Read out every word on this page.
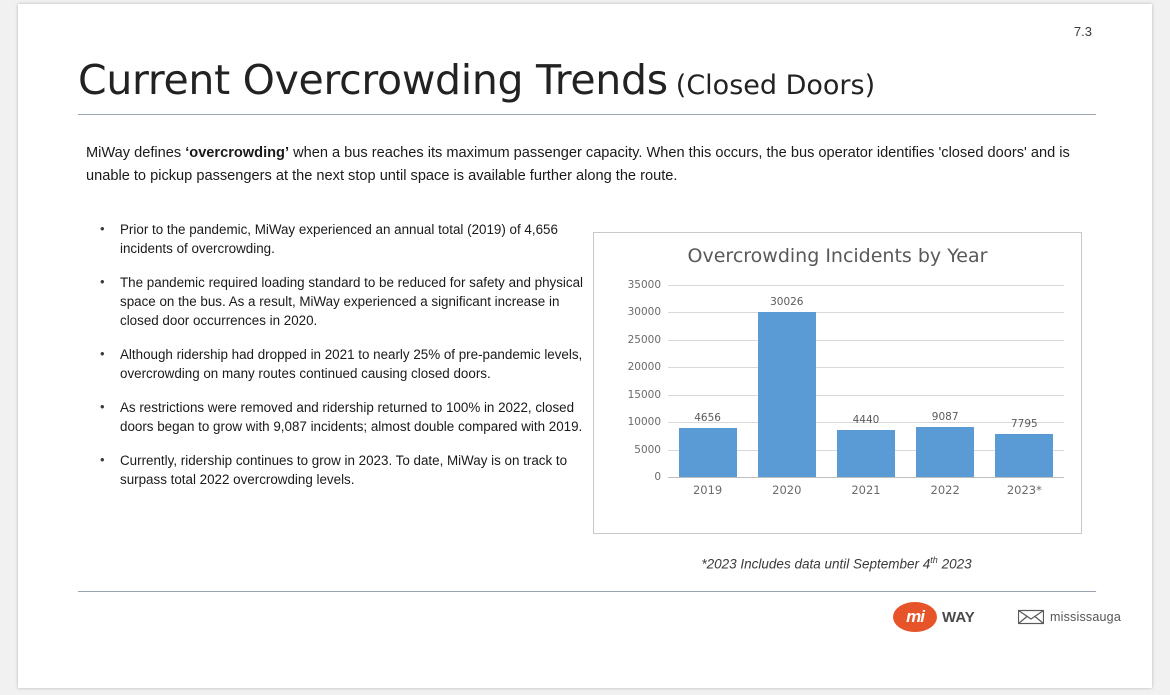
7.3
Current Overcrowding Trends (Closed Doors)
MiWay defines ‘overcrowding’ when a bus reaches its maximum passenger capacity. When this occurs, the bus operator identifies 'closed doors' and is unable to pickup passengers at the next stop until space is available further along the route.
• Prior to the pandemic, MiWay experienced an annual total (2019) of 4,656 incidents of overcrowding.
• The pandemic required loading standard to be reduced for safety and physical space on the bus. As a result, MiWay experienced a significant increase in closed door occurrences in 2020.
• Although ridership had dropped in 2021 to nearly 25% of pre-pandemic levels, overcrowding on many routes continued causing closed doors.
• As restrictions were removed and ridership returned to 100% in 2022, closed doors began to grow with 9,087 incidents; almost double compared with 2019.
• Currently, ridership continues to grow in 2023. To date, MiWay is on track to surpass total 2022 overcrowding levels.
Overcrowding Incidents by Year
35000
30000
25000
20000
15000
10000
5000
0
4656
30026
4440	9087
7795
2019	2020	2021	2022	2023*
*2023 Includes data until September 4th 2023
mi	WAY	mississauga
